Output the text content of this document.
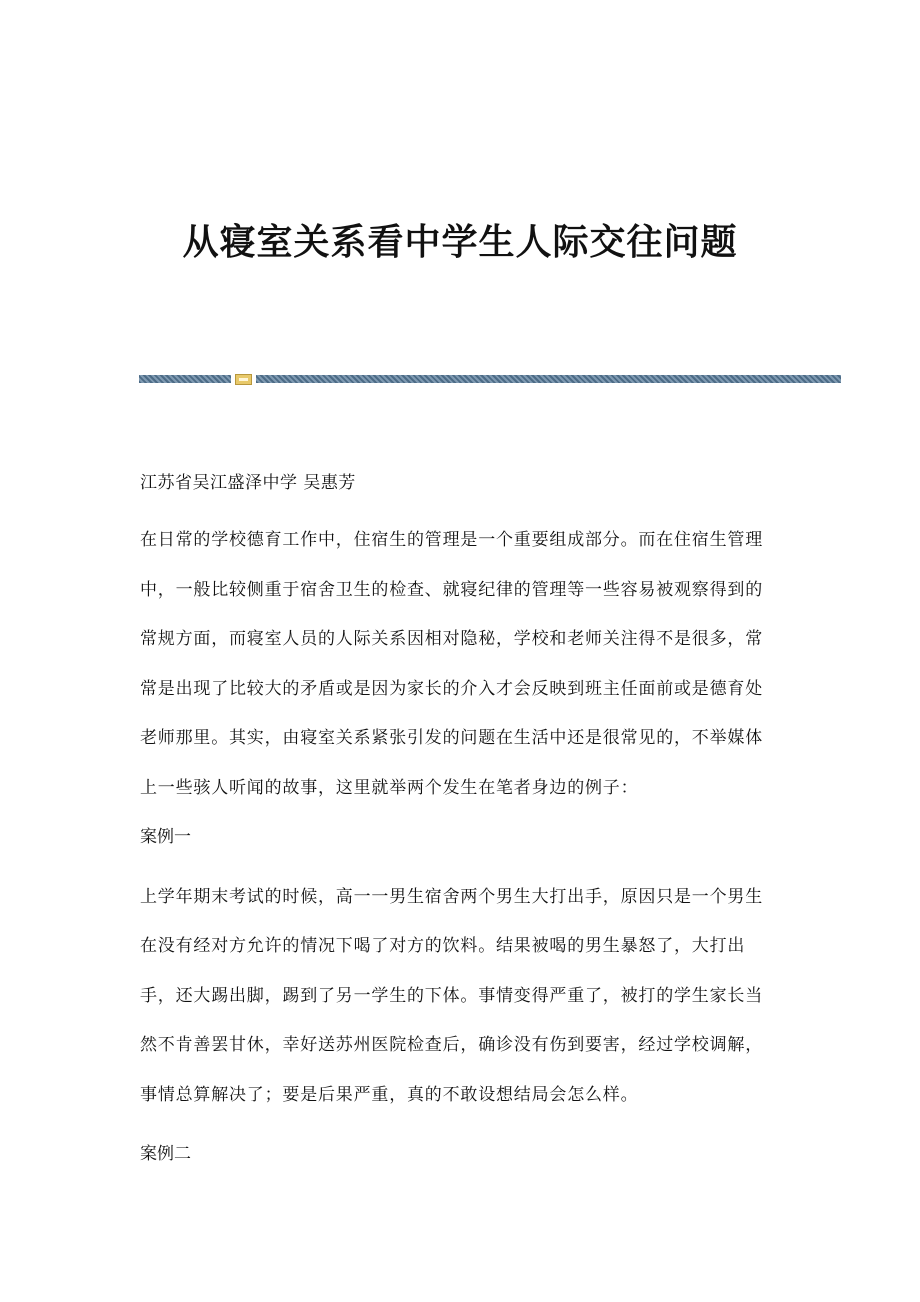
从寝室关系看中学生人际交往问题

江苏省吴江盛泽中学 吴惠芳

在日常的学校德育工作中，住宿生的管理是一个重要组成部分。而在住宿生管理中，一般比较侧重于宿舍卫生的检查、就寝纪律的管理等一些容易被观察得到的常规方面，而寝室人员的人际关系因相对隐秘，学校和老师关注得不是很多，常常是出现了比较大的矛盾或是因为家长的介入才会反映到班主任面前或是德育处老师那里。其实，由寝室关系紧张引发的问题在生活中还是很常见的，不举媒体上一些骇人听闻的故事，这里就举两个发生在笔者身边的例子：

案例一

上学年期末考试的时候，高一一男生宿舍两个男生大打出手，原因只是一个男生在没有经对方允许的情况下喝了对方的饮料。结果被喝的男生暴怒了，大打出手，还大踢出脚，踢到了另一学生的下体。事情变得严重了，被打的学生家长当然不肯善罢甘休，幸好送苏州医院检查后，确诊没有伤到要害，经过学校调解，事情总算解决了；要是后果严重，真的不敢设想结局会怎么样。

案例二
